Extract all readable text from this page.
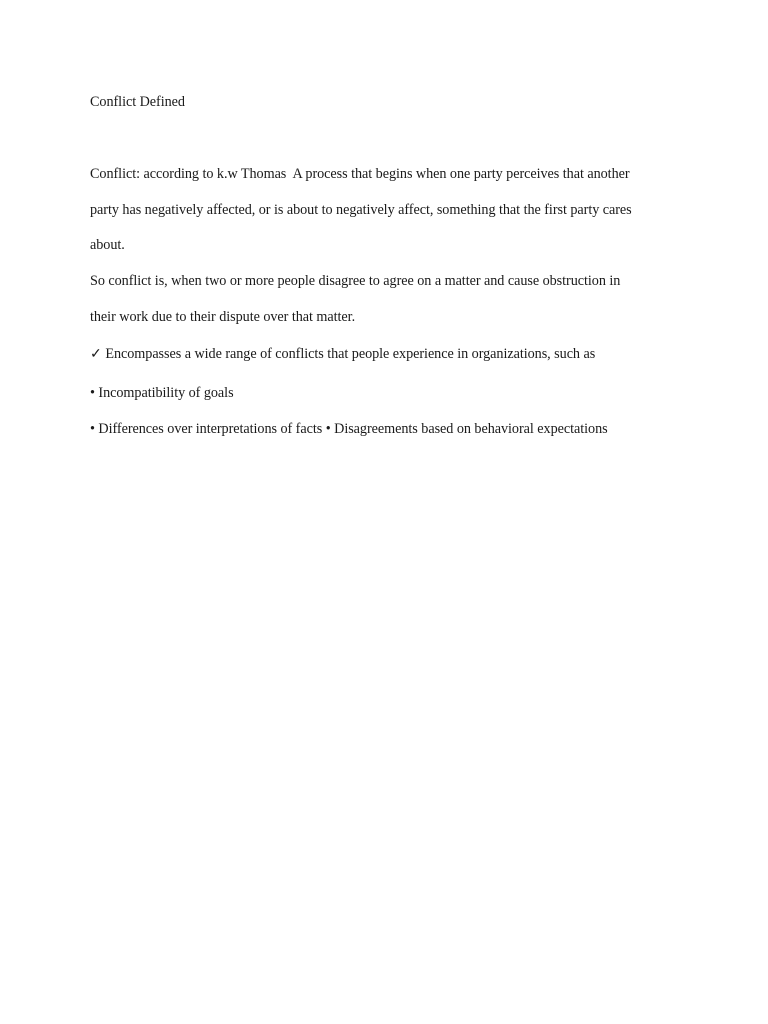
Conflict Defined
Conflict: according to k.w Thomas  A process that begins when one party perceives that another
party has negatively affected, or is about to negatively affect, something that the first party cares
about.
So conflict is, when two or more people disagree to agree on a matter and cause obstruction in
their work due to their dispute over that matter.
✓ Encompasses a wide range of conflicts that people experience in organizations, such as
• Incompatibility of goals
• Differences over interpretations of facts • Disagreements based on behavioral expectations
